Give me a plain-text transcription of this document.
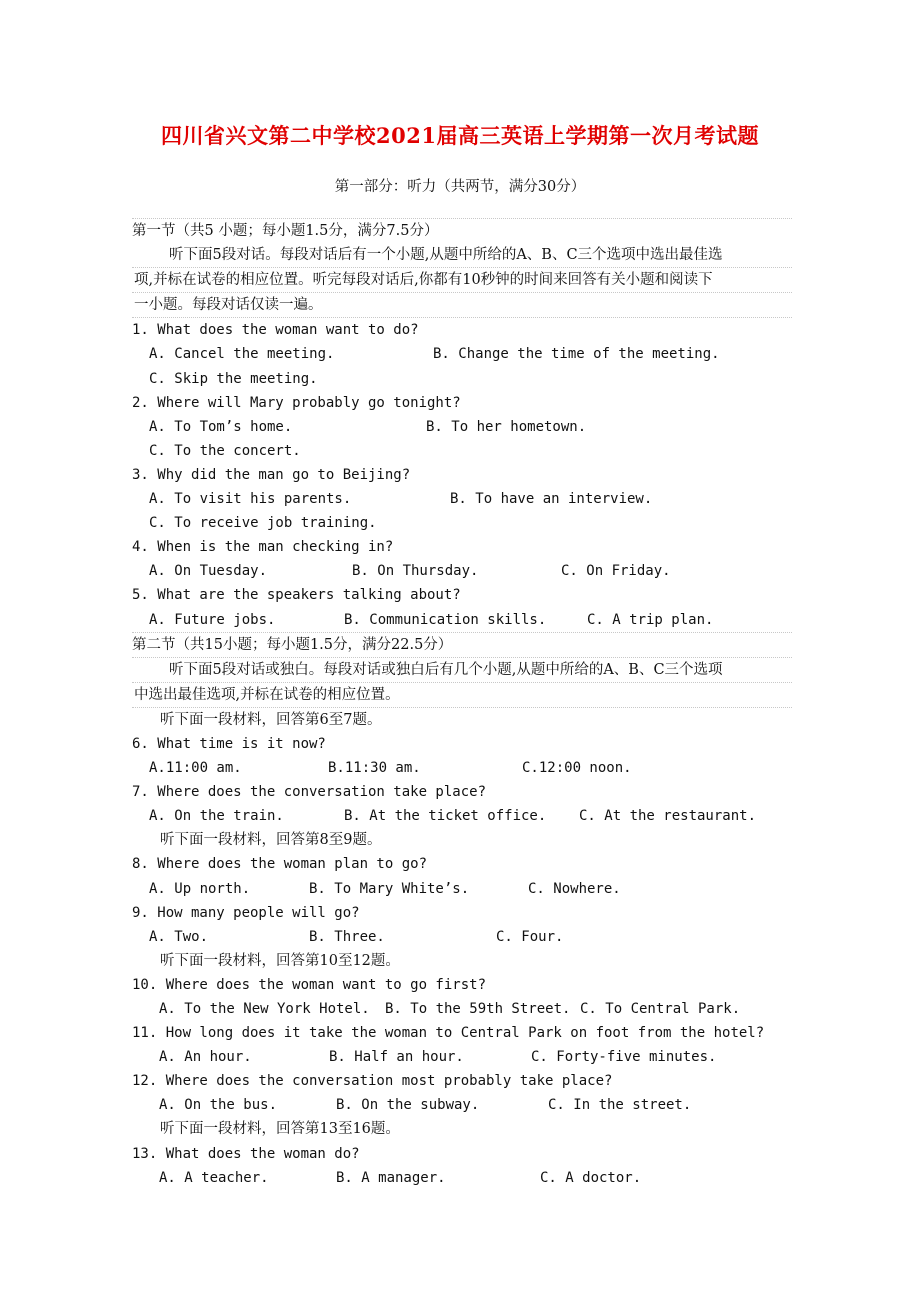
四川省兴文第二中学校2021届高三英语上学期第一次月考试题
第一部分：听力（共两节，满分30分）
第一节（共5 小题；每小题1.5分，满分7.5分）
听下面5段对话。每段对话后有一个小题,从题中所给的A、B、C三个选项中选出最佳选
项,并标在试卷的相应位置。听完每段对话后,你都有10秒钟的时间来回答有关小题和阅读下
一小题。每段对话仅读一遍。
1. What does the woman want to do?
A. Cancel the meeting.	B. Change the time of the meeting.
C. Skip the meeting.
2. Where will Mary probably go tonight?
A. To Tom’s home.	B. To her hometown.
C. To the concert.
3. Why did the man go to Beijing?
A. To visit his parents.	B. To have an interview.
C. To receive job training.
4. When is the man checking in?
A. On Tuesday.	B. On Thursday.	C. On Friday.
5. What are the speakers talking about?
A. Future jobs.	B. Communication skills.	C. A trip plan.
第二节（共15小题；每小题1.5分，满分22.5分）
听下面5段对话或独白。每段对话或独白后有几个小题,从题中所给的A、B、C三个选项
中选出最佳选项,并标在试卷的相应位置。
听下面一段材料，回答第6至7题。
6. What time is it now?
A.11:00 am.	B.11:30 am.	C.12:00 noon.
7. Where does the conversation take place?
A. On the train.	B. At the ticket office. C. At the restaurant.
听下面一段材料，回答第8至9题。
8. Where does the woman plan to go?
A. Up north.	B. To Mary White’s.	C. Nowhere.
9. How many people will go?
A. Two.	B. Three.	C. Four.
听下面一段材料，回答第10至12题。
10. Where does the woman want to go first?
A. To the New York Hotel. B. To the 59th Street. C. To Central Park.
11. How long does it take the woman to Central Park on foot from the hotel?
A. An hour.	B. Half an hour.	C. Forty-five minutes.
12. Where does the conversation most probably take place?
A. On the bus.	B. On the subway.	C. In the street.
听下面一段材料，回答第13至16题。
13. What does the woman do?
A. A teacher.	B. A manager.	C. A doctor.
